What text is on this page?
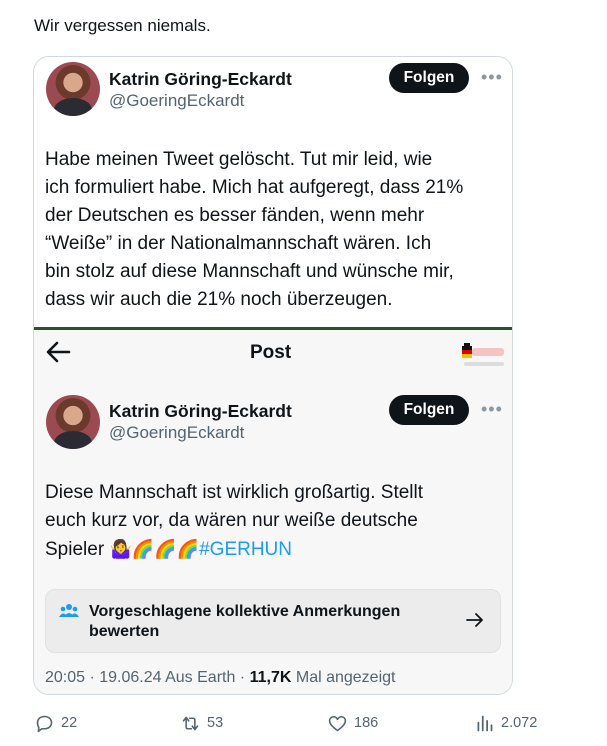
Wir vergessen niemals.
Katrin Göring-Eckardt
@GoeringEckardt
Folgen	•••
Habe meinen Tweet gelöscht. Tut mir leid, wie
ich formuliert habe. Mich hat aufgeregt, dass 21%
der Deutschen es besser fänden, wenn mehr
“Weiße” in der Nationalmannschaft wären. Ich
bin stolz auf diese Mannschaft und wünsche mir,
dass wir auch die 21% noch überzeugen.
Post
Katrin Göring-Eckardt
@GoeringEckardt
Folgen	•••
Diese Mannschaft ist wirklich großartig. Stellt
euch kurz vor, da wären nur weiße deutsche
Spieler 🤷‍♀️🌈🌈🌈#GERHUN
Vorgeschlagene kollektive Anmerkungen bewerten
20:05 · 19.06.24 Aus Earth · 11,7K Mal angezeigt
22	53	186	2.072
